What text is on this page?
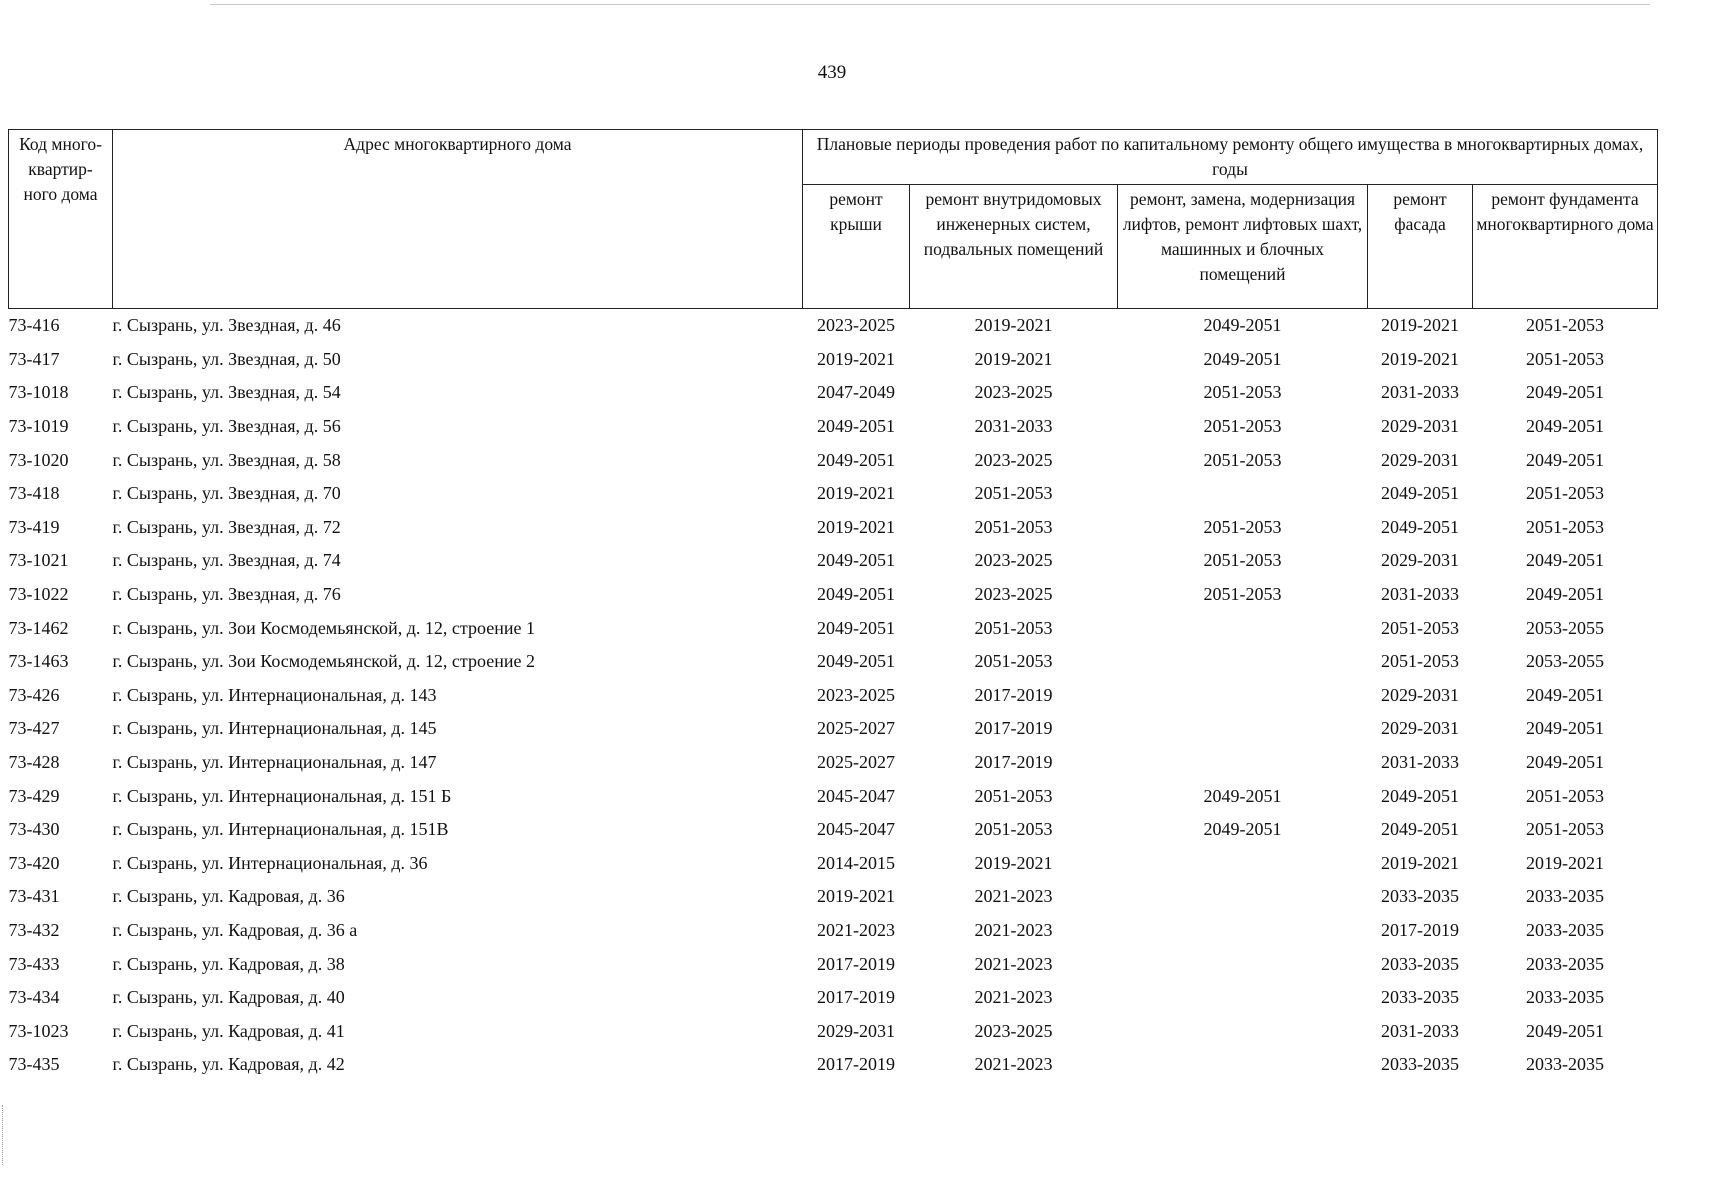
439
Код много-квартир-ного дома	Адрес многоквартирного дома	Плановые периоды проведения работ по капитальному ремонту общего имущества в многоквартирных домах, годы				
		ремонт крыши	ремонт внутридомовых инженерных систем, подвальных помещений	ремонт, замена, модернизация лифтов, ремонт лифтовых шахт, машинных и блочных помещений	ремонт фасада	ремонт фундамента многоквартирного дома
73-416	г. Сызрань, ул. Звездная, д. 46	2023-2025	2019-2021	2049-2051	2019-2021	2051-2053
73-417	г. Сызрань, ул. Звездная, д. 50	2019-2021	2019-2021	2049-2051	2019-2021	2051-2053
73-1018	г. Сызрань, ул. Звездная, д. 54	2047-2049	2023-2025	2051-2053	2031-2033	2049-2051
73-1019	г. Сызрань, ул. Звездная, д. 56	2049-2051	2031-2033	2051-2053	2029-2031	2049-2051
73-1020	г. Сызрань, ул. Звездная, д. 58	2049-2051	2023-2025	2051-2053	2029-2031	2049-2051
73-418	г. Сызрань, ул. Звездная, д. 70	2019-2021	2051-2053		2049-2051	2051-2053
73-419	г. Сызрань, ул. Звездная, д. 72	2019-2021	2051-2053	2051-2053	2049-2051	2051-2053
73-1021	г. Сызрань, ул. Звездная, д. 74	2049-2051	2023-2025	2051-2053	2029-2031	2049-2051
73-1022	г. Сызрань, ул. Звездная, д. 76	2049-2051	2023-2025	2051-2053	2031-2033	2049-2051
73-1462	г. Сызрань, ул. Зои Космодемьянской, д. 12, строение 1	2049-2051	2051-2053		2051-2053	2053-2055
73-1463	г. Сызрань, ул. Зои Космодемьянской, д. 12, строение 2	2049-2051	2051-2053		2051-2053	2053-2055
73-426	г. Сызрань, ул. Интернациональная, д. 143	2023-2025	2017-2019		2029-2031	2049-2051
73-427	г. Сызрань, ул. Интернациональная, д. 145	2025-2027	2017-2019		2029-2031	2049-2051
73-428	г. Сызрань, ул. Интернациональная, д. 147	2025-2027	2017-2019		2031-2033	2049-2051
73-429	г. Сызрань, ул. Интернациональная, д. 151 Б	2045-2047	2051-2053	2049-2051	2049-2051	2051-2053
73-430	г. Сызрань, ул. Интернациональная, д. 151В	2045-2047	2051-2053	2049-2051	2049-2051	2051-2053
73-420	г. Сызрань, ул. Интернациональная, д. 36	2014-2015	2019-2021		2019-2021	2019-2021
73-431	г. Сызрань, ул. Кадровая, д. 36	2019-2021	2021-2023		2033-2035	2033-2035
73-432	г. Сызрань, ул. Кадровая, д. 36 а	2021-2023	2021-2023		2017-2019	2033-2035
73-433	г. Сызрань, ул. Кадровая, д. 38	2017-2019	2021-2023		2033-2035	2033-2035
73-434	г. Сызрань, ул. Кадровая, д. 40	2017-2019	2021-2023		2033-2035	2033-2035
73-1023	г. Сызрань, ул. Кадровая, д. 41	2029-2031	2023-2025		2031-2033	2049-2051
73-435	г. Сызрань, ул. Кадровая, д. 42	2017-2019	2021-2023		2033-2035	2033-2035
